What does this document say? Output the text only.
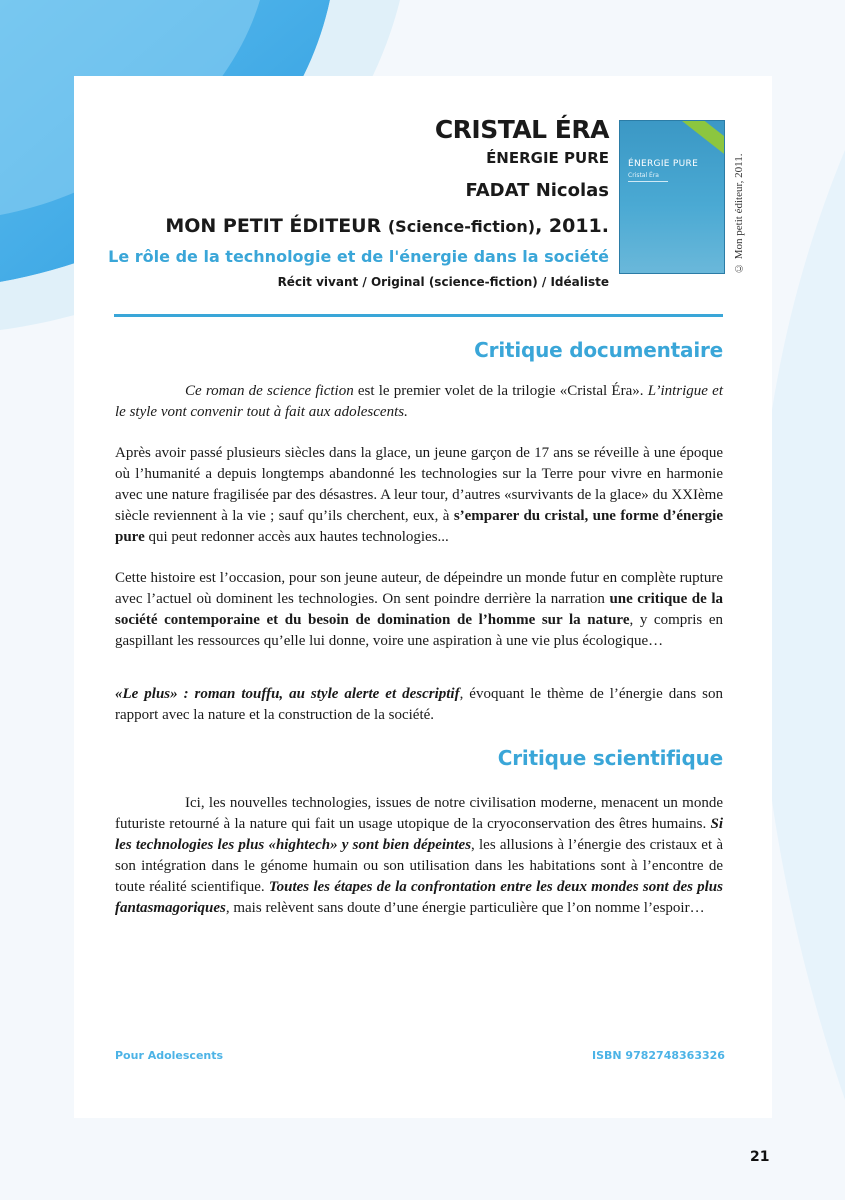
CRISTAL ÉRA
ÉNERGIE PURE
FADAT Nicolas
MON PETIT ÉDITEUR (Science-fiction), 2011.
Le rôle de la technologie et de l'énergie dans la société
Récit vivant / Original (science-fiction) / Idéaliste
ÉNERGIE PURE
Cristal Éra	© Mon petit éditeur, 2011.
Critique documentaire

Ce roman de science fiction est le premier volet de la trilogie «Cristal Éra». L’intrigue et le style vont convenir tout à fait aux adolescents.

Après avoir passé plusieurs siècles dans la glace, un jeune garçon de 17 ans se réveille à une époque où l’humanité a depuis longtemps abandonné les technologies sur la Terre pour vivre en harmonie avec une nature fragilisée par des désastres. A leur tour, d’autres «survivants de la glace» du XXIème siècle reviennent à la vie ; sauf qu’ils cherchent, eux, à s’emparer du cristal, une forme d’énergie pure qui peut redonner accès aux hautes technologies...

Cette histoire est l’occasion, pour son jeune auteur, de dépeindre un monde futur en complète rupture avec l’actuel où dominent les technologies. On sent poindre derrière la narration une critique de la société contemporaine et du besoin de domination de l’homme sur la nature, y compris en gaspillant les ressources qu’elle lui donne, voire une aspiration à une vie plus écologique…

«Le plus» : roman touffu, au style alerte et descriptif, évoquant le thème de l’énergie dans son rapport avec la nature et la construction de la société.

Critique scientifique

Ici, les nouvelles technologies, issues de notre civilisation moderne, menacent un monde futuriste retourné à la nature qui fait un usage utopique de la cryoconservation des êtres humains. Si les technologies les plus «hightech» y sont bien dépeintes, les allusions à l’énergie des cristaux et à son intégration dans le génome humain ou son utilisation dans les habitations sont à l’encontre de toute réalité scientifique. Toutes les étapes de la confrontation entre les deux mondes sont des plus fantasmagoriques, mais relèvent sans doute d’une énergie particulière que l’on nomme l’espoir…

Pour Adolescents	ISBN 9782748363326
21
